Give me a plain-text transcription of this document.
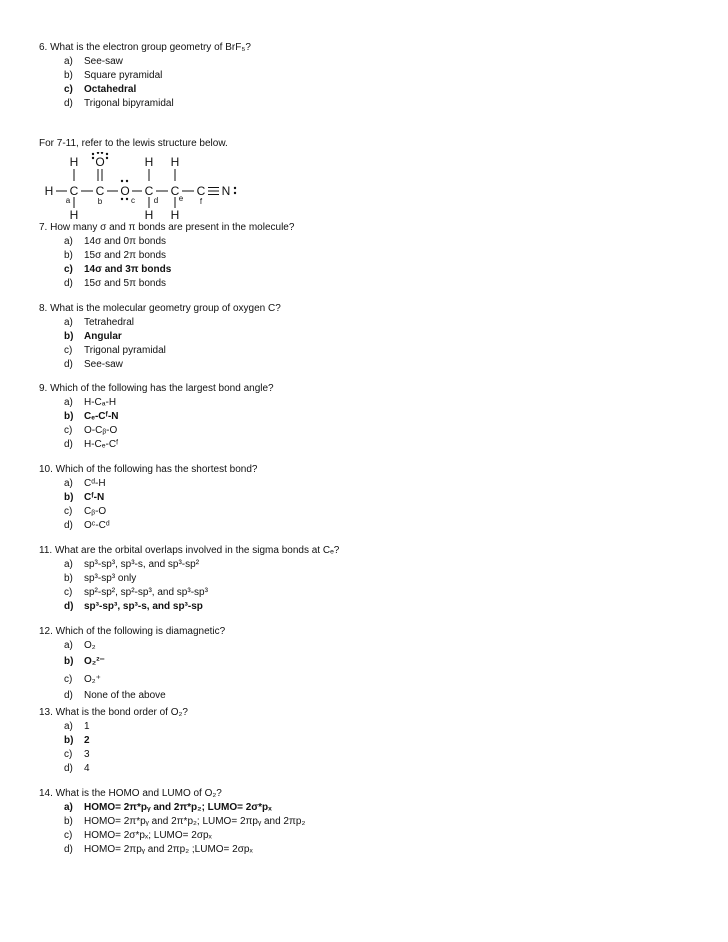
6. What is the electron group geometry of BrF₅?
a) See-saw
b) Square pyramidal
c) Octahedral
d) Trigonal bipyramidal
For 7-11, refer to the lewis structure below.
H O	H H
H C C O C C C N
H	H H
a	b	c d	e f
7. How many σ and π bonds are present in the molecule?
a) 14σ and 0π bonds
b) 15σ and 2π bonds
c) 14σ and 3π bonds
d) 15σ and 5π bonds
8. What is the molecular geometry group of oxygen C?
a) Tetrahedral
b) Angular
c) Trigonal pyramidal
d) See-saw
9. Which of the following has the largest bond angle?
a) H-Cₐ-H
b) Cₑ-Cᶠ-N
c) O-Cᵦ-O
d) H-Cₑ-Cᶠ
10. Which of the following has the shortest bond?
a) Cᵈ-H
b) Cᶠ-N
c) Cᵦ-O
d) Oᶜ-Cᵈ
11. What are the orbital overlaps involved in the sigma bonds at Cₑ?
a) sp³-sp³, sp³-s, and sp³-sp²
b) sp³-sp³ only
c) sp²-sp², sp²-sp³, and sp³-sp³
d) sp³-sp³, sp³-s, and sp³-sp
12. Which of the following is diamagnetic?
a) O₂
b) O₂²⁻
c) O₂⁺
d) None of the above
13. What is the bond order of O₂?
a) 1
b) 2
c) 3
d) 4
14. What is the HOMO and LUMO of O₂?
a) HOMO= 2π*pᵧ and 2π*p₂; LUMO= 2σ*pₓ
b) HOMO= 2π*pᵧ and 2π*p₂; LUMO= 2πpᵧ and 2πp₂
c) HOMO= 2σ*pₓ; LUMO= 2σpₓ
d) HOMO= 2πpᵧ and 2πp₂ ;LUMO= 2σpₓ
